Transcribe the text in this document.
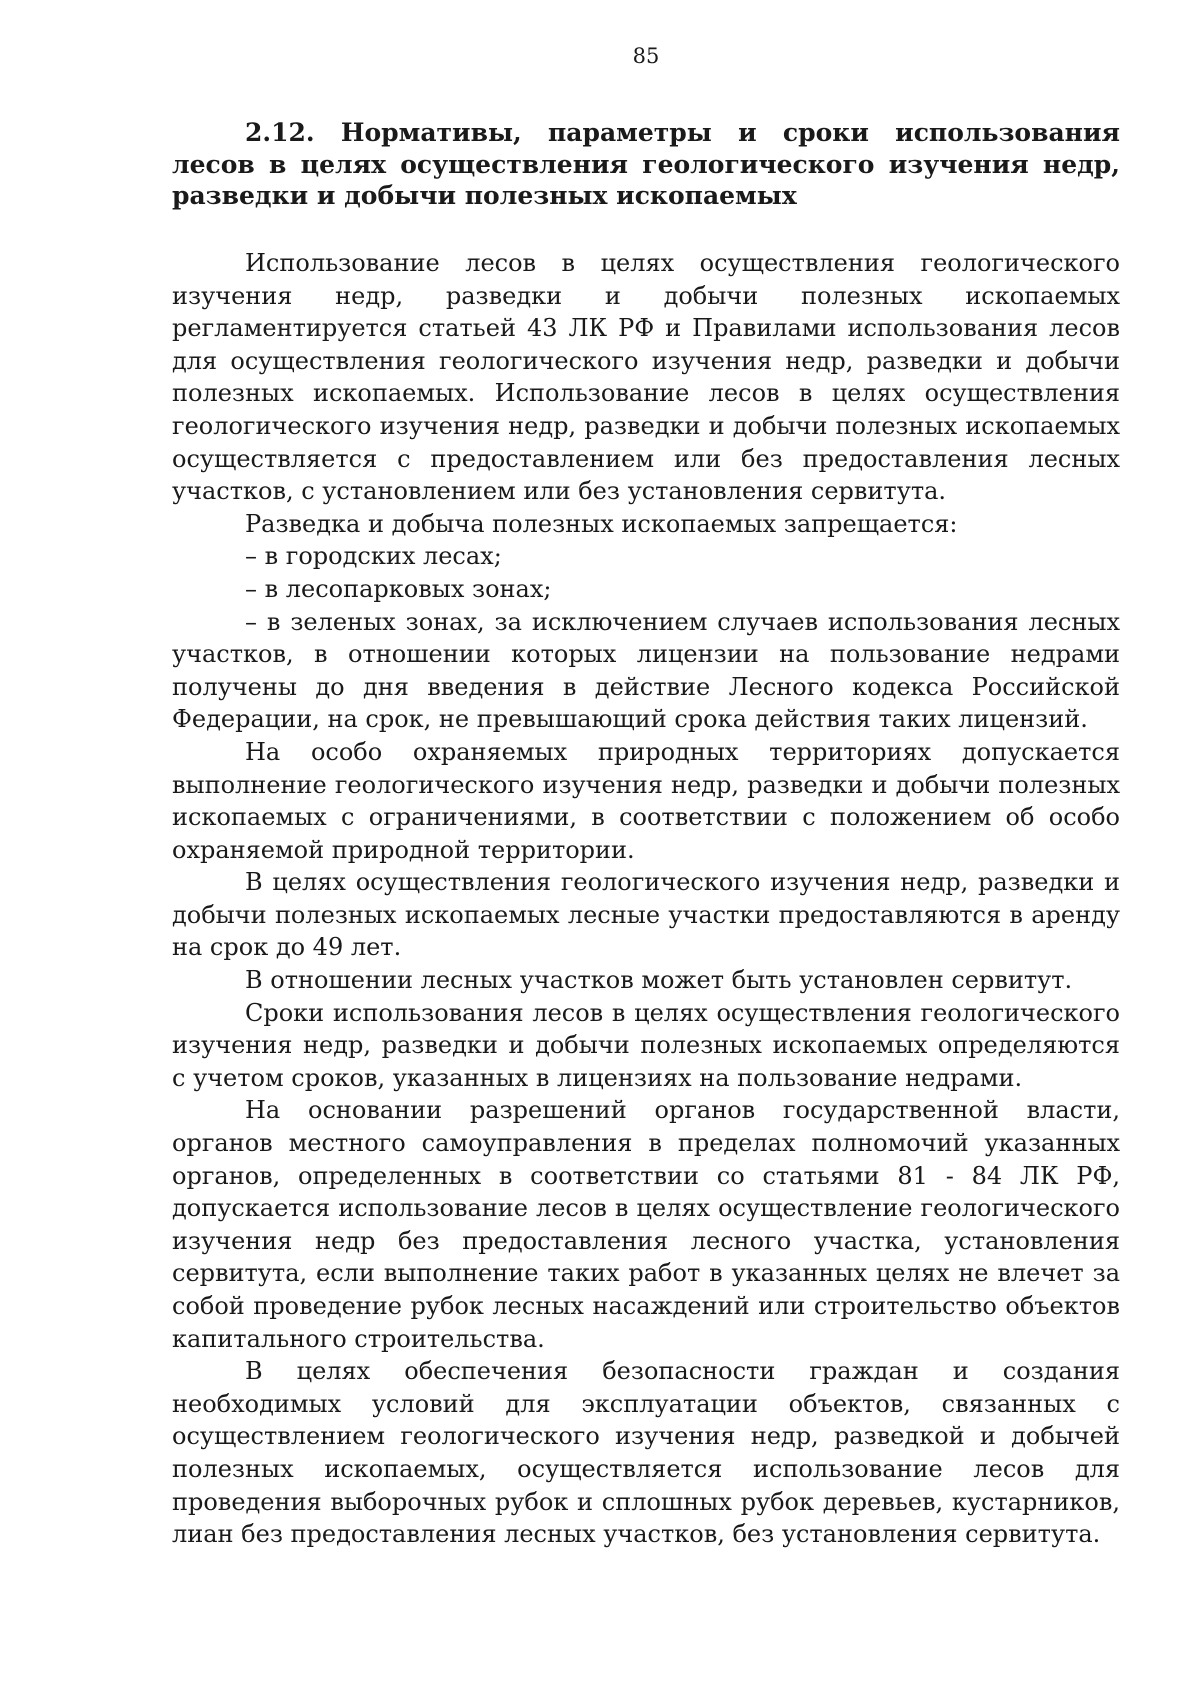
85
2.12. Нормативы, параметры и сроки использования лесов в целях осуществления геологического изучения недр, разведки и добычи полезных ископаемых

Использование лесов в целях осуществления геологического изучения недр, разведки и добычи полезных ископаемых регламентируется статьей 43 ЛК РФ и Правилами использования лесов для осуществления геологического изучения недр, разведки и добычи полезных ископаемых. Использование лесов в целях осуществления геологического изучения недр, разведки и добычи полезных ископаемых осуществляется с предоставлением или без предоставления лесных участков, с установлением или без установления сервитута.

Разведка и добыча полезных ископаемых запрещается:

– в городских лесах;

– в лесопарковых зонах;

– в зеленых зонах, за исключением случаев использования лесных участков, в отношении которых лицензии на пользование недрами получены до дня введения в действие Лесного кодекса Российской Федерации, на срок, не превышающий срока действия таких лицензий.

На особо охраняемых природных территориях допускается выполнение геологического изучения недр, разведки и добычи полезных ископаемых с ограничениями, в соответствии с положением об особо охраняемой природной территории.

В целях осуществления геологического изучения недр, разведки и добычи полезных ископаемых лесные участки предоставляются в аренду на срок до 49 лет.

В отношении лесных участков может быть установлен сервитут.

Сроки использования лесов в целях осуществления геологического изучения недр, разведки и добычи полезных ископаемых определяются с учетом сроков, указанных в лицензиях на пользование недрами.

На основании разрешений органов государственной власти, органов местного самоуправления в пределах полномочий указанных органов, определенных в соответствии со статьями 81 - 84 ЛК РФ, допускается использование лесов в целях осуществление геологического изучения недр без предоставления лесного участка, установления сервитута, если выполнение таких работ в указанных целях не влечет за собой проведение рубок лесных насаждений или строительство объектов капитального строительства.

В целях обеспечения безопасности граждан и создания необходимых условий для эксплуатации объектов, связанных с осуществлением геологического изучения недр, разведкой и добычей полезных ископаемых, осуществляется использование лесов для проведения выборочных рубок и сплошных рубок деревьев, кустарников, лиан без предоставления лесных участков, без установления сервитута.
